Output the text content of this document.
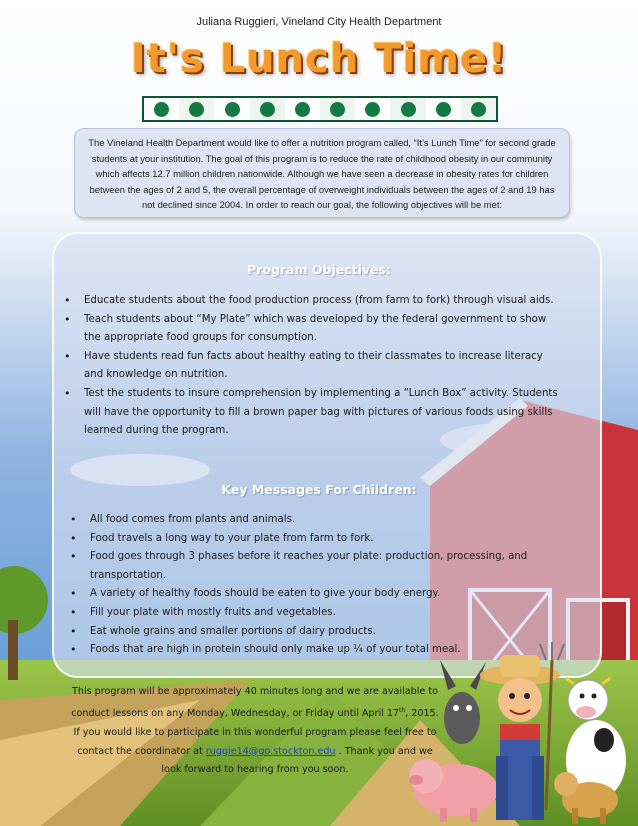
Juliana Ruggieri, Vineland City Health Department
It's Lunch Time!
The Vineland Health Department would like to offer a nutrition program called, “It’s Lunch Time” for second grade students at your institution. The goal of this program is to reduce the rate of childhood obesity in our community which affects 12.7 million children nationwide. Although we have seen a decrease in obesity rates for children between the ages of 2 and 5, the overall percentage of overweight individuals between the ages of 2 and 19 has not declined since 2004. In order to reach our goal, the following objectives will be met:
Program Objectives:
• Educate students about the food production process (from farm to fork) through visual aids.
• Teach students about “My Plate” which was developed by the federal government to show the appropriate food groups for consumption.
• Have students read fun facts about healthy eating to their classmates to increase literacy and knowledge on nutrition.
• Test the students to insure comprehension by implementing a “Lunch Box” activity. Students will have the opportunity to fill a brown paper bag with pictures of various foods using skills learned during the program.
Key Messages For Children:
• All food comes from plants and animals.
• Food travels a long way to your plate from farm to fork.
• Food goes through 3 phases before it reaches your plate: production, processing, and transportation.
• A variety of healthy foods should be eaten to give your body energy.
• Fill your plate with mostly fruits and vegetables.
• Eat whole grains and smaller portions of dairy products.
• Foods that are high in protein should only make up ¼ of your total meal.
This program will be approximately 40 minutes long and we are available to conduct lessons on any Monday, Wednesday, or Friday until April 17th, 2015. If you would like to participate in this wonderful program please feel free to contact the coordinator at ruggie14@go.stockton.edu . Thank you and we look forward to hearing from you soon.
